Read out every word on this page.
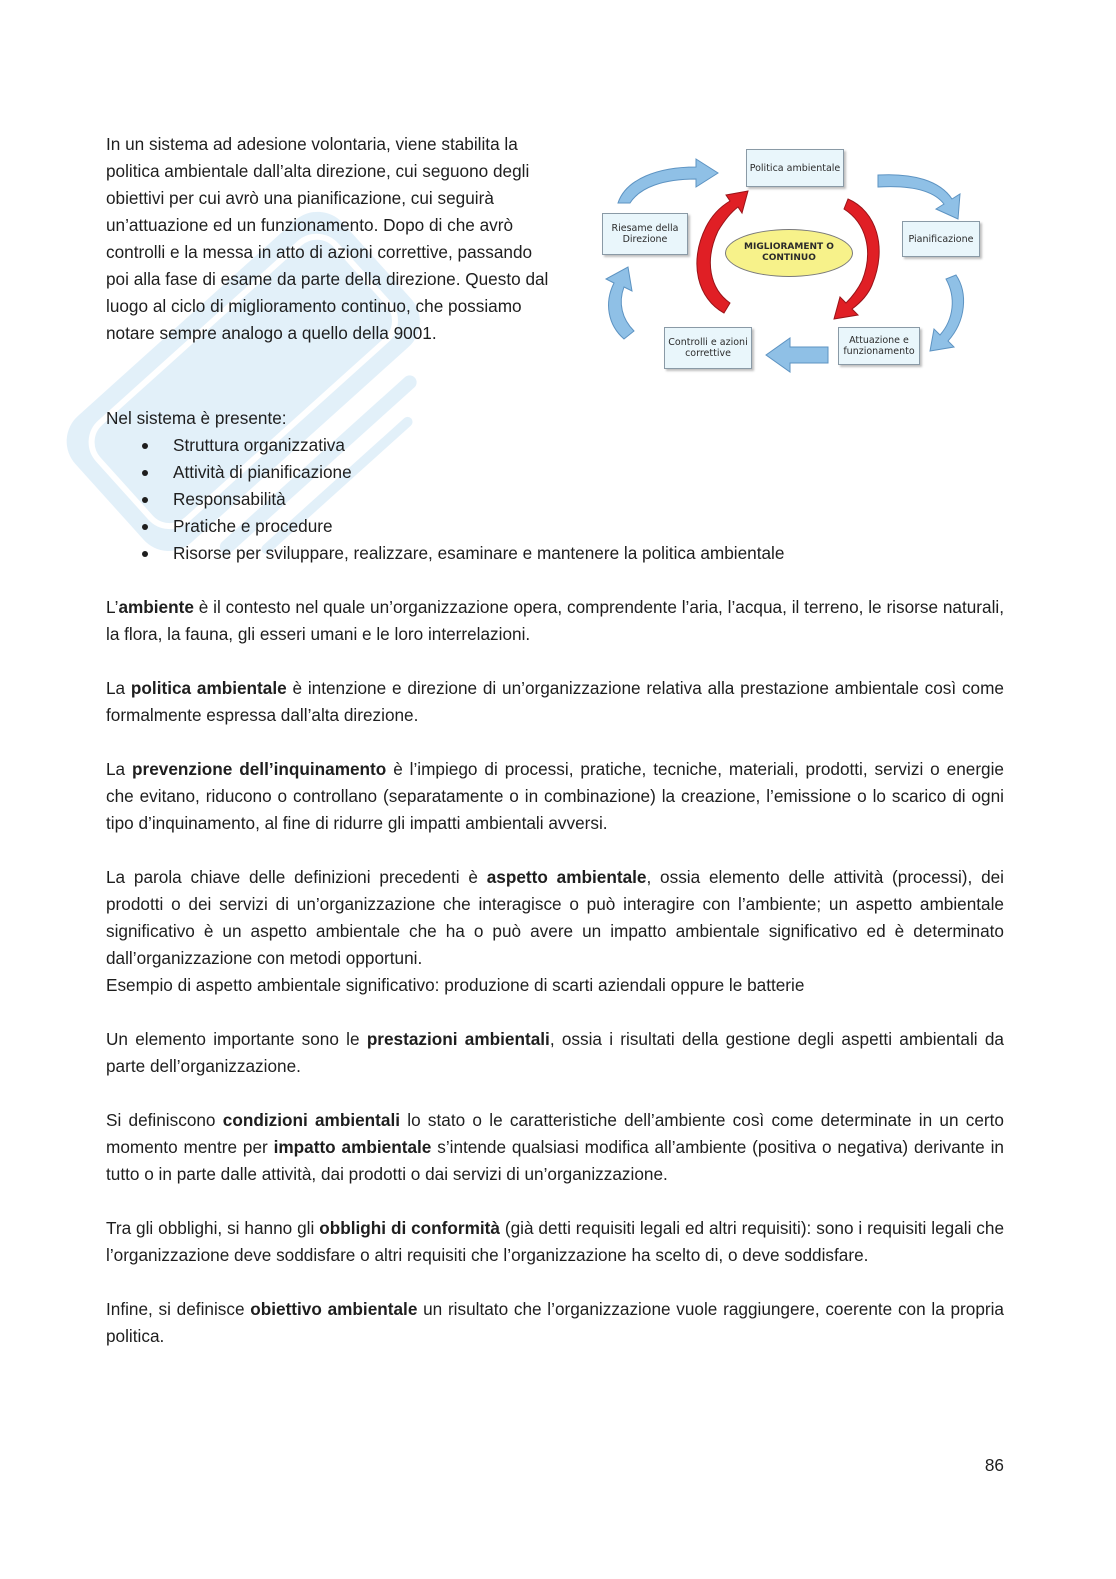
In un sistema ad adesione volontaria, viene stabilita la politica ambientale dall’alta direzione, cui seguono degli obiettivi per cui avrò una pianificazione, cui seguirà un’attuazione ed un funzionamento. Dopo di che avrò controlli e la messa in atto di azioni correttive, passando poi alla fase di esame da parte della direzione. Questo dal luogo al ciclo di miglioramento continuo, che possiamo notare sempre analogo a quello della 9001.

Politica ambientale
Pianificazione
Attuazione e funzionamento
Controlli e azioni correttive
Riesame della Direzione
MIGLIORAMENT O CONTINUO

Nel sistema è presente:

Struttura organizzativa
Attività di pianificazione
Responsabilità
Pratiche e procedure
Risorse per sviluppare, realizzare, esaminare e mantenere la politica ambientale

L’ambiente è il contesto nel quale un’organizzazione opera, comprendente l’aria, l’acqua, il terreno, le risorse naturali, la flora, la fauna, gli esseri umani e le loro interrelazioni.

La politica ambientale è intenzione e direzione di un’organizzazione relativa alla prestazione ambientale così come formalmente espressa dall’alta direzione.

La prevenzione dell’inquinamento è l’impiego di processi, pratiche, tecniche, materiali, prodotti, servizi o energie che evitano, riducono o controllano (separatamente o in combinazione) la creazione, l’emissione o lo scarico di ogni tipo d’inquinamento, al fine di ridurre gli impatti ambientali avversi.

La parola chiave delle definizioni precedenti è aspetto ambientale, ossia elemento delle attività (processi), dei prodotti o dei servizi di un’organizzazione che interagisce o può interagire con l’ambiente; un aspetto ambientale significativo è un aspetto ambientale che ha o può avere un impatto ambientale significativo ed è determinato dall’organizzazione con metodi opportuni.

Esempio di aspetto ambientale significativo: produzione di scarti aziendali oppure le batterie

Un elemento importante sono le prestazioni ambientali, ossia i risultati della gestione degli aspetti ambientali da parte dell’organizzazione.

Si definiscono condizioni ambientali lo stato o le caratteristiche dell’ambiente così come determinate in un certo momento mentre per impatto ambientale s’intende qualsiasi modifica all’ambiente (positiva o negativa) derivante in tutto o in parte dalle attività, dai prodotti o dai servizi di un’organizzazione.

Tra gli obblighi, si hanno gli obblighi di conformità (già detti requisiti legali ed altri requisiti): sono i requisiti legali che l’organizzazione deve soddisfare o altri requisiti che l’organizzazione ha scelto di, o deve soddisfare.

Infine, si definisce obiettivo ambientale un risultato che l’organizzazione vuole raggiungere, coerente con la propria politica.

86
